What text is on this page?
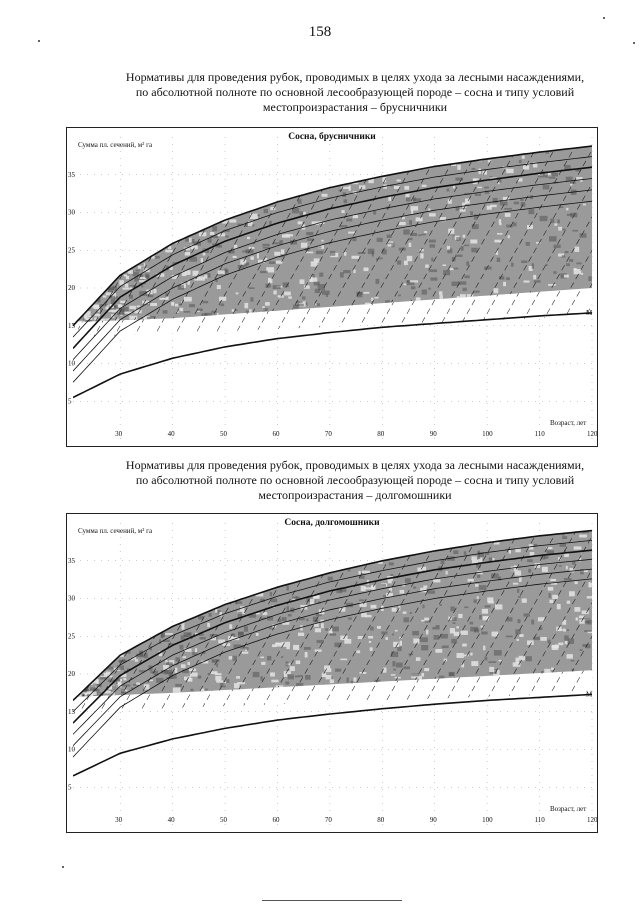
158
Нормативы для проведения рубок, проводимых в целях ухода за лесными насаждениями,
по абсолютной полноте по основной лесообразующей породе – сосна и типу условий
местопроизрастания – брусничники
30	40	50	60	70	80	90	100	110	120
5
10
15
20
25
30
35
M
Сумма пл. сечений, м² га
Возраст, лет
Сосна, брусничники
Нормативы для проведения рубок, проводимых в целях ухода за лесными насаждениями,
по абсолютной полноте по основной лесообразующей породе – сосна и типу условий
местопроизрастания – долгомошники
30	40	50	60	70	80	90	100	110	120
5
10
15
20
25
30
35
M
Сумма пл. сечений, м² га
Возраст, лет
Сосна, долгомошники
